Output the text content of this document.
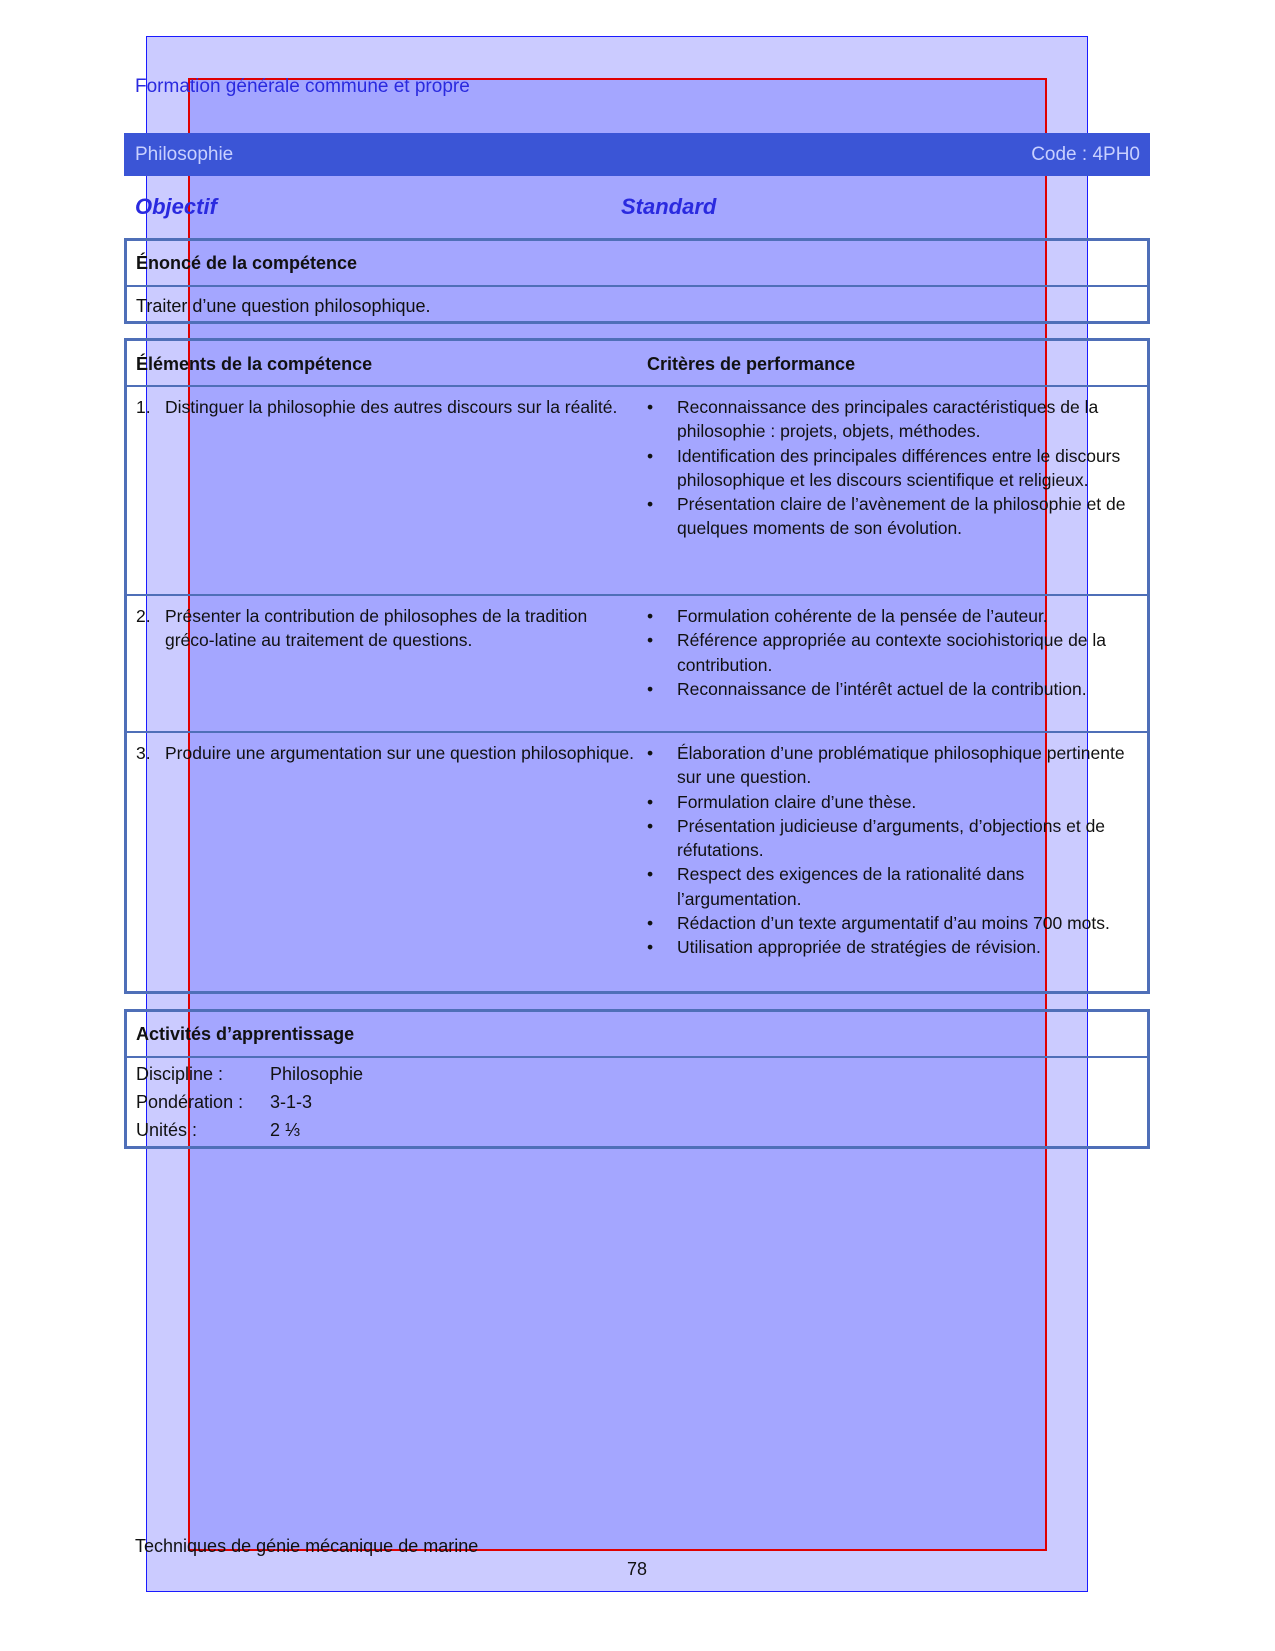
Formation générale commune et propre
Philosophie	Code : 4PH0
Objectif	Standard
Énoncé de la compétence
Traiter d’une question philosophique.
Éléments de la compétence	Critères de performance
1. Distinguer la philosophie des autres discours sur la réalité.	• Reconnaissance des principales caractéristiques de la philosophie : projets, objets, méthodes.
• Identification des principales différences entre le discours philosophique et les discours scientifique et religieux.
• Présentation claire de l’avènement de la philosophie et de quelques moments de son évolution.
2. Présenter la contribution de philosophes de la tradition gréco-latine au traitement de questions.
• Formulation cohérente de la pensée de l’auteur.
• Référence appropriée au contexte sociohistorique de la contribution.
• Reconnaissance de l’intérêt actuel de la contribution.
3. Produire une argumentation sur une question philosophique.	• Élaboration d’une problématique philosophique pertinente sur une question.
• Formulation claire d’une thèse.
• Présentation judicieuse d’arguments, d’objections et de réfutations.
• Respect des exigences de la rationalité dans l’argumentation.
• Rédaction d’un texte argumentatif d’au moins 700 mots.
• Utilisation appropriée de stratégies de révision.
Activités d’apprentissage
Discipline :	Philosophie
Pondération : 3-1-3
Unités :	2 ⅓
Techniques de génie mécanique de marine
78
